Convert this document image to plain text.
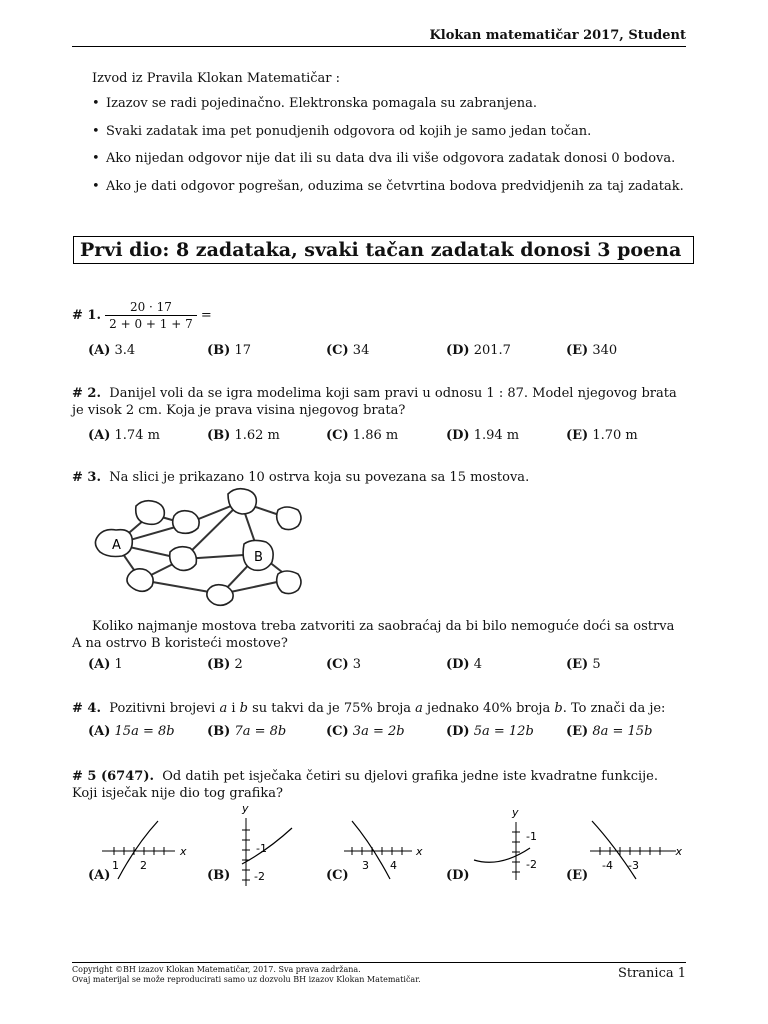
Klokan matematičar 2017, Student
Izvod iz Pravila Klokan Matematičar :
• Izazov se radi pojedinačno. Elektronska pomagala su zabranjena.
• Svaki zadatak ima pet ponudjenih odgovora od kojih je samo jedan točan.
• Ako nijedan odgovor nije dat ili su data dva ili više odgovora zadatak donosi 0 bodova.
• Ako je dati odgovor pogrešan, oduzima se četvrtina bodova predvidjenih za taj zadatak.
Prvi dio: 8 zadataka, svaki tačan zadatak donosi 3 poena
# 1. $\frac{20 \cdot 17}{2 + 0 + 1 + 7}$ =
(A) 3.4	(B) 17	(C) 34	(D) 201.7	(E) 340
# 2. Danijel voli da se igra modelima koji sam pravi u odnosu 1 : 87. Model njegovog brata je visok 2 cm. Koja je prava visina njegovog brata?
(A) 1.74 m	(B) 1.62 m	(C) 1.86 m	(D) 1.94 m	(E) 1.70 m
# 3. Na slici je prikazano 10 ostrva koja su povezana sa 15 mostova.
A
B
Koliko najmanje mostova treba zatvoriti za saobraćaj da bi bilo nemoguće doći sa ostrva A na ostrvo B koristeći mostove?
(A) 1	(B) 2	(C) 3	(D) 4	(E) 5
# 4. Pozitivni brojevi a i b su takvi da je 75% broja a jednako 40% broja b. To znači da je:
(A) 15a = 8b (B) 7a = 8b	(C) 3a = 2b	(D) 5a = 12b (E) 8a = 15b
# 5 (6747). Od datih pet isječaka četiri su djelovi grafika jedne iste kvadratne funkcije. Koji isječak nije dio tog grafika?
(A)
1 2
x
(B)
y
-1
-2	(C)
3 4
x
(D)
y
-1
-2
(E)
-4 -3
x
Copyright ©BH izazov Klokan Matematičar, 2017. Sva prava zadržana.
Ovaj materijal se može reproducirati samo uz dozvolu BH izazov Klokan Matematičar.	Stranica 1
